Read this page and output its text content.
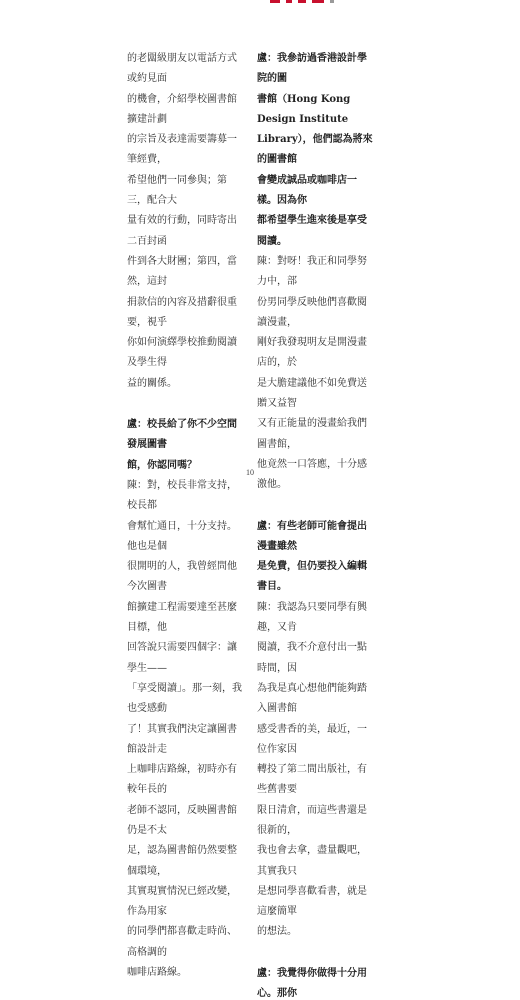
的老闆級朋友以電話方式或約見面
的機會，介紹學校圖書館擴建計劃
的宗旨及表達需要籌募一筆經費，
希望他們一同參與；第三，配合大
量有效的行動，同時寄出二百封函
件到各大財團；第四，當然，這封
捐款信的內容及措辭很重要，視乎
你如何演繹學校推動閱讀及學生得
益的關係。

盧：校長給了你不少空間發展圖書
館，你認同嗎？

陳：對，校長非常支持，校長都
會幫忙通日，十分支持。他也是個
很開明的人，我曾經問他今次圖書
館擴建工程需要達至甚麼目標，他
回答說只需要四個字：讓學生——
「享受閱讀」。那一刻，我也受感動
了！其實我們決定讓圖書館設計走
上咖啡店路線，初時亦有較年長的
老師不認同，反映圖書館仍是不太
足，認為圖書館仍然要整個環境，
其實現實情況已經改變，作為用家
的同學們都喜歡走時尚、高格調的
咖啡店路線。

盧：我參訪過香港設計學院的圖
書館（Hong Kong Design Institute
Library），他們認為將來的圖書館
會變成誠品或咖啡店一樣。因為你
都希望學生進來後是享受閱讀。

陳：對呀！我正和同學努力中，部
份男同學反映他們喜歡閱讀漫畫，
剛好我發現明友是開漫畫店的，於
是大膽建議他不如免費送贈又益智
又有正能量的漫畫給我們圖書館，
他竟然一口答應，十分感激他。

盧：有些老師可能會提出漫畫雖然
是免費，但仍要投入編輯書目。

陳：我認為只要同學有興趣，又肯
閱讀，我不介意付出一點時間，因
為我是真心想他們能夠踏入圖書館
感受書香的美，最近，一位作家因
轉投了第二間出版社，有些舊書要
限日清倉，而這些書還是很新的，
我也會去拿，盡量觀吧，其實我只
是想同學喜歡看書，就是這麼簡單
的想法。

盧：我覺得你做得十分用心。那你

10
